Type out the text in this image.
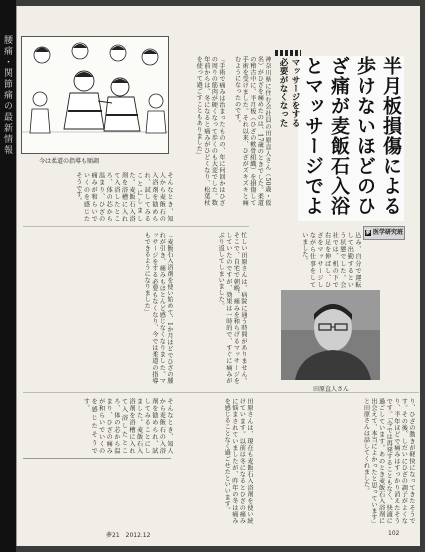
腰痛・関節痛の最新情報	半月板損傷による歩けないほどのひざ痛が麦飯石入浴とマッサージでよ
マッサージをする必要がなくなった
夢 医学研究班
今は柔道の指導も順調	神奈川県に住む会社員の田原直人さん（50歳・仮名）がひざを痛めたのは、17歳のときでした。柔道の稽古中に、半月板（ひざの軟骨組織）を損傷して手術を受けました。それ以来、ひざがズキズキと痛むようになったのです。
「手術で痛みは治まったものの、年に何回かはひざの周りの筋肉が硬くなって歩くのも大変でした。数年前からは、冬になると痛みがひどくなり、松葉杖を使って過ごすこともありました」
込み、自分で運転して出勤するという状態でした。会社では、机の下で右足を伸ばし、ひざをマッサージしながら仕事をしていました。
忙しい田原さんは、病院に通う時間がありません。そこで、自宅で朝晩、痛みを和らげるマッサージをしていたのですが、効果は一時的で、すぐに痛みがぶり返してしまいました。
そんなとき、知人から麦飯石の入浴剤を勧められ、試してみることにしました。麦飯石入浴剤を浴槽に入れて入浴したところ、体の芯から温まり、ひざの痛みが和らいでいくのを感じたそうです。
「麦飯石入浴剤を使い始めて、1か月ほどでひざの腫れが引き、痛みもほとんど感じなくなりました。マッサージをする必要もなくなり、今では柔道の指導もできるようになりました」
田原直人さん
り、ひざの動きが軽快になってきたそうです。その後、しだいにひざの調子がよくなり、半年ほどで痛みはすっかり消えたそうです。「今では再発することもなく、快適に過ごしています。あのとき麦飯石入浴剤に出会えて、本当によかったと思っています」と田原さんは話してくれました。
田原さんは、現在も麦飯石入浴剤を使い続けています。以前は冬になるとひざの痛みに悩まされていましたが、昨年の冬は痛みを感じることなく過ごせたといいます。
そんなとき、知人から麦飯石の入浴剤を勧められ、試してみることにしました。麦飯石入浴剤を浴槽に入れて入浴したところ、体の芯から温まり、ひざの痛みが和らいでいくのを感じたそうです。
夢21　2012.12	102
